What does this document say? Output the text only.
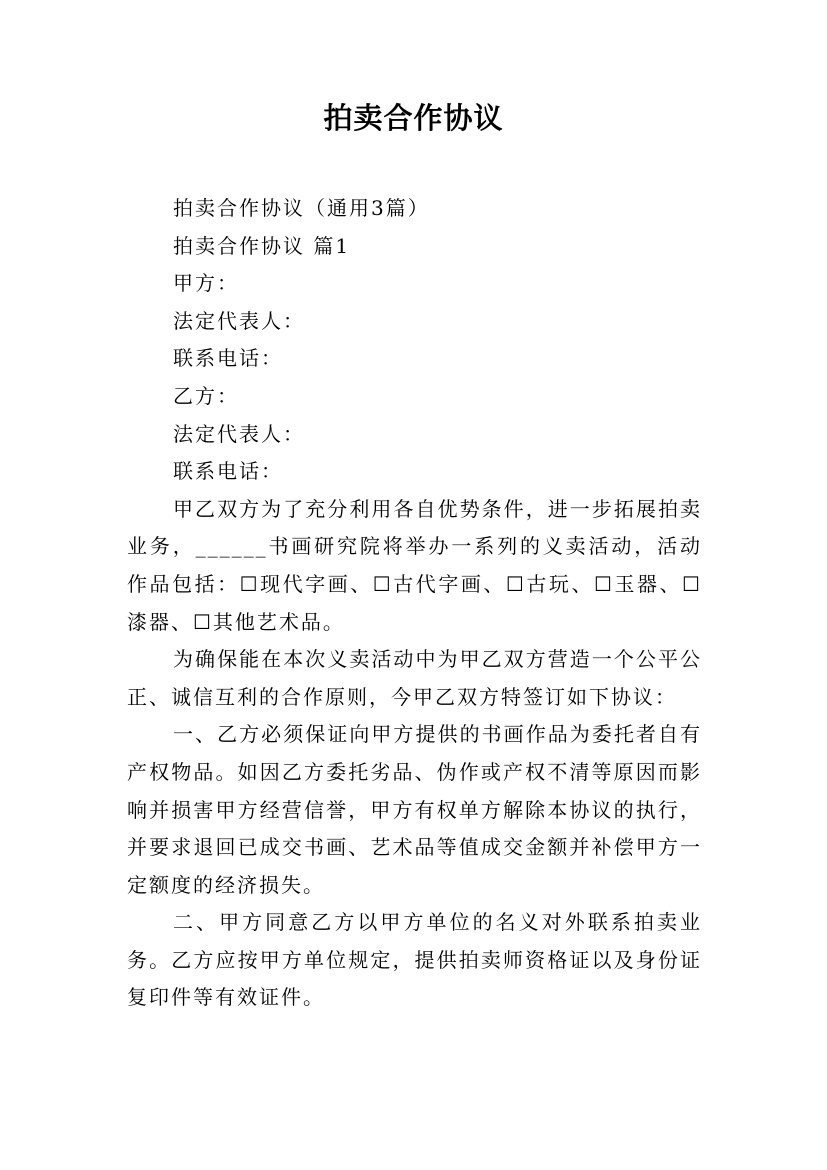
拍卖合作协议

拍卖合作协议（通用3篇）

拍卖合作协议 篇1

甲方：

法定代表人：

联系电话：

乙方：

法定代表人：

联系电话：

甲乙双方为了充分利用各自优势条件，进一步拓展拍卖业务，______书画研究院将举办一系列的义卖活动，活动作品包括：☐现代字画、☐古代字画、☐古玩、☐玉器、☐漆器、☐其他艺术品。

为确保能在本次义卖活动中为甲乙双方营造一个公平公正、诚信互利的合作原则，今甲乙双方特签订如下协议：

一、乙方必须保证向甲方提供的书画作品为委托者自有产权物品。如因乙方委托劣品、伪作或产权不清等原因而影响并损害甲方经营信誉，甲方有权单方解除本协议的执行，并要求退回已成交书画、艺术品等值成交金额并补偿甲方一定额度的经济损失。

二、甲方同意乙方以甲方单位的名义对外联系拍卖业务。乙方应按甲方单位规定，提供拍卖师资格证以及身份证复印件等有效证件。
